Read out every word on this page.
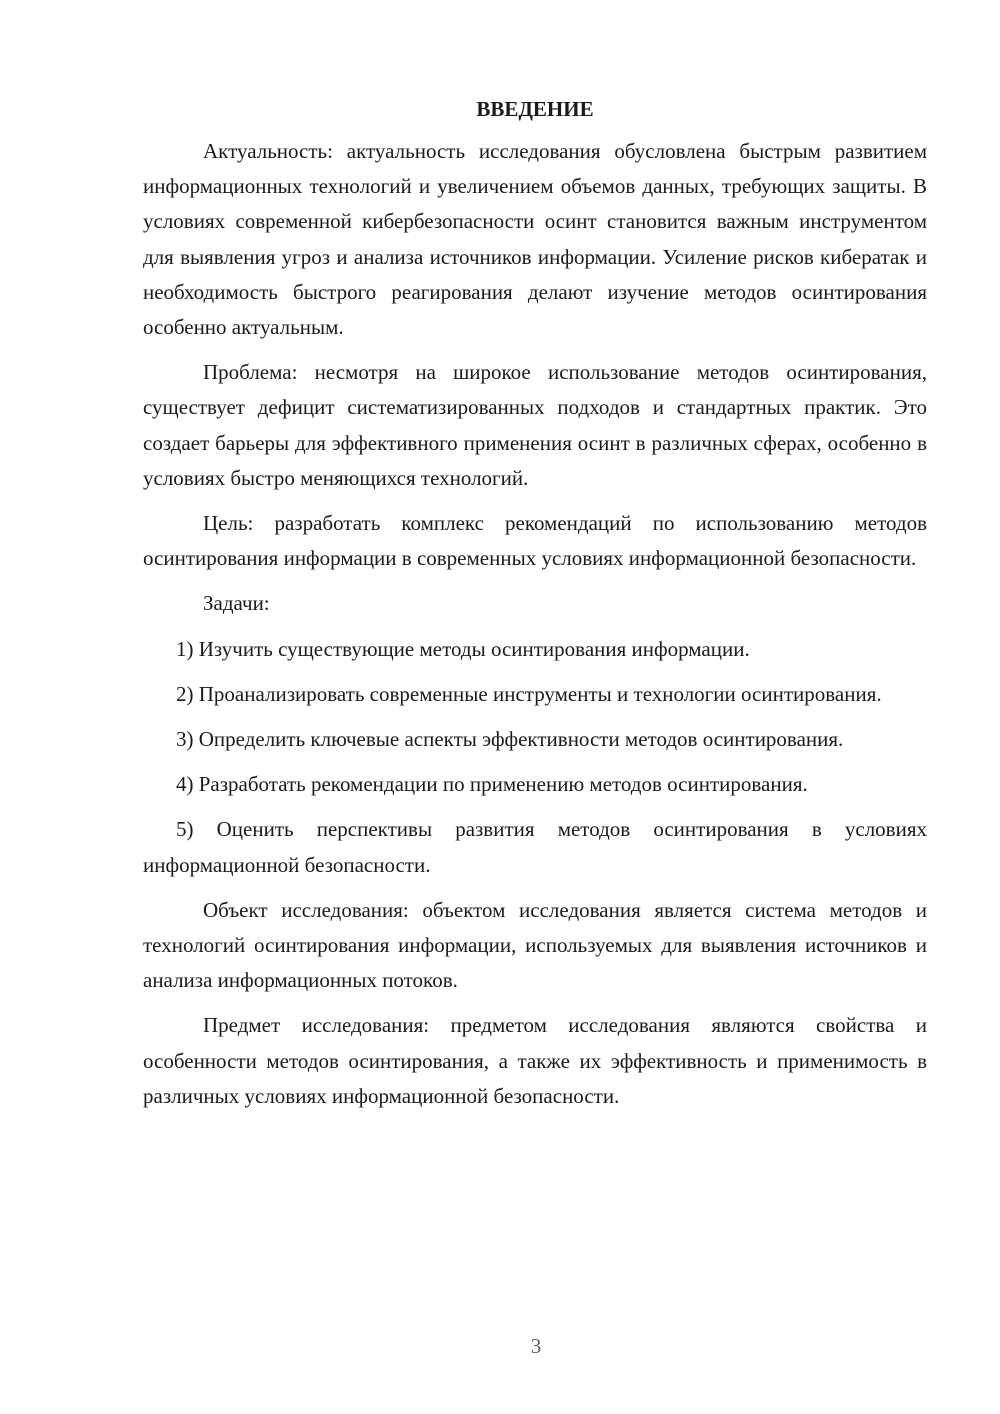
ВВЕДЕНИЕ

Актуальность: актуальность исследования обусловлена быстрым развитием информационных технологий и увеличением объемов данных, требующих защиты. В условиях современной кибербезопасности осинт становится важным инструментом для выявления угроз и анализа источников информации. Усиление рисков кибератак и необходимость быстрого реагирования делают изучение методов осинтирования особенно актуальным.

Проблема: несмотря на широкое использование методов осинтирования, существует дефицит систематизированных подходов и стандартных практик. Это создает барьеры для эффективного применения осинт в различных сферах, особенно в условиях быстро меняющихся технологий.

Цель: разработать комплекс рекомендаций по использованию методов осинтирования информации в современных условиях информационной безопасности.

Задачи:

1) Изучить существующие методы осинтирования информации.

2) Проанализировать современные инструменты и технологии осинтирования.

3) Определить ключевые аспекты эффективности методов осинтирования.

4) Разработать рекомендации по применению методов осинтирования.

5) Оценить перспективы развития методов осинтирования в условиях информационной безопасности.

Объект исследования: объектом исследования является система методов и технологий осинтирования информации, используемых для выявления источников и анализа информационных потоков.

Предмет исследования: предметом исследования являются свойства и особенности методов осинтирования, а также их эффективность и применимость в различных условиях информационной безопасности.

3
